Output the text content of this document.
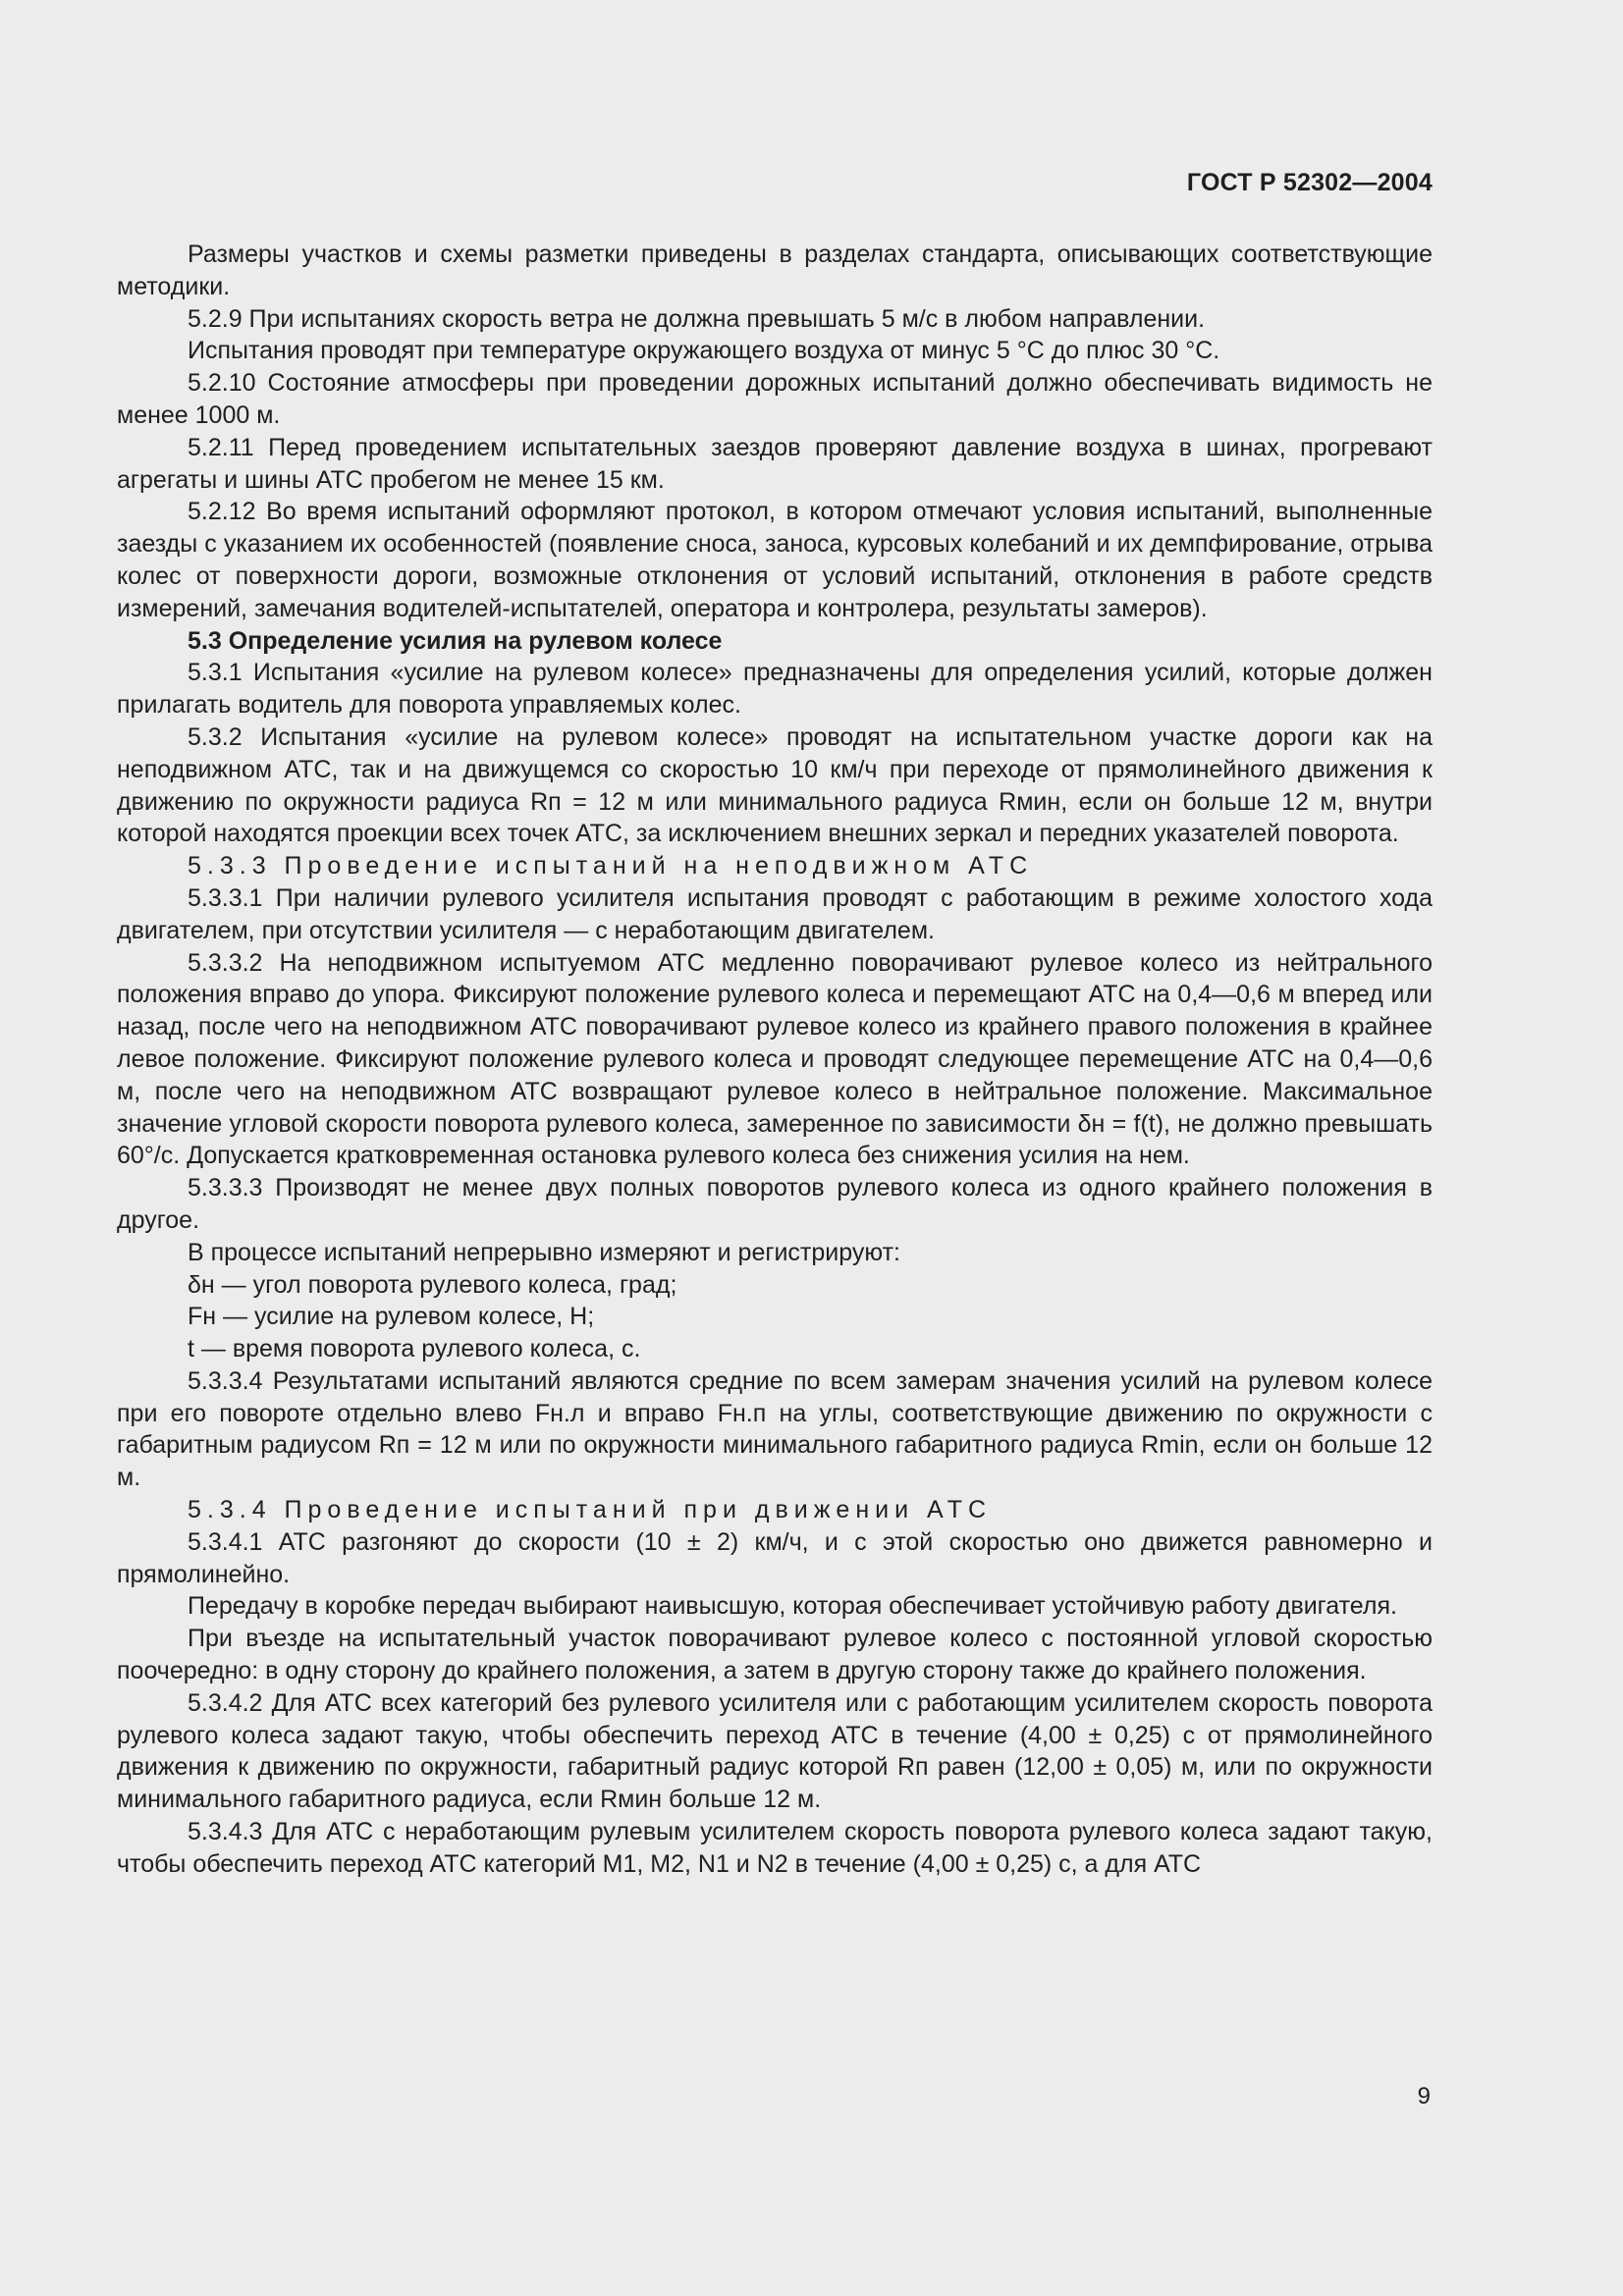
ГОСТ Р 52302—2004

Размеры участков и схемы разметки приведены в разделах стандарта, описывающих соответствующие методики.

5.2.9 При испытаниях скорость ветра не должна превышать 5 м/с в любом направлении.

Испытания проводят при температуре окружающего воздуха от минус 5 °С до плюс 30 °С.

5.2.10 Состояние атмосферы при проведении дорожных испытаний должно обеспечивать видимость не менее 1000 м.

5.2.11 Перед проведением испытательных заездов проверяют давление воздуха в шинах, прогревают агрегаты и шины АТС пробегом не менее 15 км.

5.2.12 Во время испытаний оформляют протокол, в котором отмечают условия испытаний, выполненные заезды с указанием их особенностей (появление сноса, заноса, курсовых колебаний и их демпфирование, отрыва колес от поверхности дороги, возможные отклонения от условий испытаний, отклонения в работе средств измерений, замечания водителей-испытателей, оператора и контролера, результаты замеров).

5.3 Определение усилия на рулевом колесе

5.3.1 Испытания «усилие на рулевом колесе» предназначены для определения усилий, которые должен прилагать водитель для поворота управляемых колес.

5.3.2 Испытания «усилие на рулевом колесе» проводят на испытательном участке дороги как на неподвижном АТС, так и на движущемся со скоростью 10 км/ч при переходе от прямолинейного движения к движению по окружности радиуса Rп = 12 м или минимального радиуса Rмин, если он больше 12 м, внутри которой находятся проекции всех точек АТС, за исключением внешних зеркал и передних указателей поворота.

5.3.3 Проведение испытаний на неподвижном АТС

5.3.3.1 При наличии рулевого усилителя испытания проводят с работающим в режиме холостого хода двигателем, при отсутствии усилителя — с неработающим двигателем.

5.3.3.2 На неподвижном испытуемом АТС медленно поворачивают рулевое колесо из нейтрального положения вправо до упора. Фиксируют положение рулевого колеса и перемещают АТС на 0,4—0,6 м вперед или назад, после чего на неподвижном АТС поворачивают рулевое колесо из крайнего правого положения в крайнее левое положение. Фиксируют положение рулевого колеса и проводят следующее перемещение АТС на 0,4—0,6 м, после чего на неподвижном АТС возвращают рулевое колесо в нейтральное положение. Максимальное значение угловой скорости поворота рулевого колеса, замеренное по зависимости δн = f(t), не должно превышать 60°/с. Допускается кратковременная остановка рулевого колеса без снижения усилия на нем.

5.3.3.3 Производят не менее двух полных поворотов рулевого колеса из одного крайнего положения в другое.

В процессе испытаний непрерывно измеряют и регистрируют:

δн — угол поворота рулевого колеса, град;

Fн — усилие на рулевом колесе, Н;

t — время поворота рулевого колеса, с.

5.3.3.4 Результатами испытаний являются средние по всем замерам значения усилий на рулевом колесе при его повороте отдельно влево Fн.л и вправо Fн.п на углы, соответствующие движению по окружности с габаритным радиусом Rп = 12 м или по окружности минимального габаритного радиуса Rmin, если он больше 12 м.

5.3.4 Проведение испытаний при движении АТС

5.3.4.1 АТС разгоняют до скорости (10 ± 2) км/ч, и с этой скоростью оно движется равномерно и прямолинейно.

Передачу в коробке передач выбирают наивысшую, которая обеспечивает устойчивую работу двигателя.

При въезде на испытательный участок поворачивают рулевое колесо с постоянной угловой скоростью поочередно: в одну сторону до крайнего положения, а затем в другую сторону также до крайнего положения.

5.3.4.2 Для АТС всех категорий без рулевого усилителя или с работающим усилителем скорость поворота рулевого колеса задают такую, чтобы обеспечить переход АТС в течение (4,00 ± 0,25) с от прямолинейного движения к движению по окружности, габаритный радиус которой Rп равен (12,00 ± 0,05) м, или по окружности минимального габаритного радиуса, если Rмин больше 12 м.

5.3.4.3 Для АТС с неработающим рулевым усилителем скорость поворота рулевого колеса задают такую, чтобы обеспечить переход АТС категорий M1, M2, N1 и N2 в течение (4,00 ± 0,25) с, а для АТС

9
